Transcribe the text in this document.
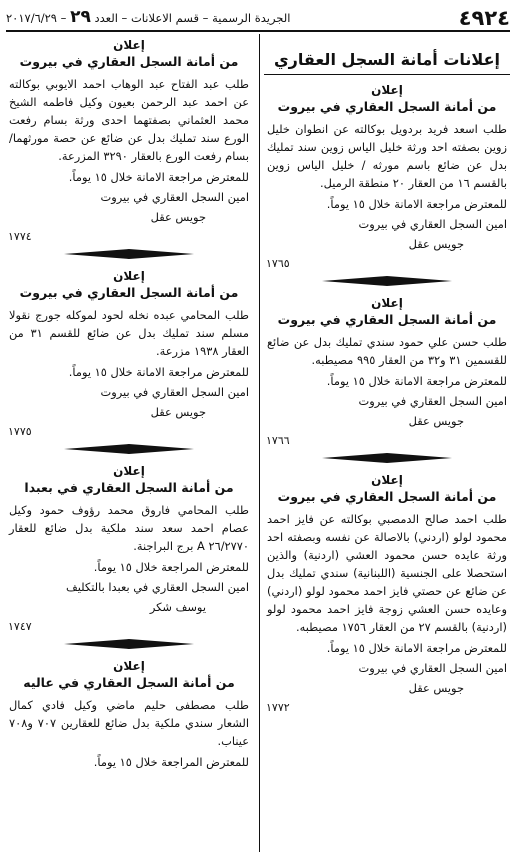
٤٩٢٤
الجريدة الرسمية – قسم الاعلانات – العدد ٢٩ – ٢٠١٧/٦/٢٩
إعلانات أمانة السجل العقاري
إعلان
من أمانة السجل العقاري في بيروت

طلب اسعد فريد بردويل بوكالته عن انطوان خليل زوين بصفته احد ورثة خليل الياس زوين سند تمليك بدل عن ضائع باسم مورثه / خليل الياس زوين بالقسم ١٦ من العقار ٢٠ منطقة الرميل.

للمعترض مراجعة الامانة خلال ١٥ يوماً.
امين السجل العقاري في بيروت
جويس عقل
١٧٦٥
إعلان
من أمانة السجل العقاري في بيروت

طلب حسن علي حمود سندي تمليك بدل عن ضائع للقسمين ٣١ و٣٢ من العقار ٩٩٥ مصيطبه.

للمعترض مراجعة الامانة خلال ١٥ يوماً.
امين السجل العقاري في بيروت
جويس عقل
١٧٦٦
إعلان
من أمانة السجل العقاري في بيروت

طلب احمد صالح الدمصبي بوكالته عن فايز احمد محمود لولو (اردني) بالاصالة عن نفسه وبصفته احد ورثة عايده حسن محمود العشي (اردنية) والذين استحصلا على الجنسية (اللبنانية) سندي تمليك بدل عن ضائع عن حصتي فايز احمد محمود لولو (اردني) وعايده حسن العشي زوجة فايز احمد محمود لولو (اردنية) بالقسم ٢٧ من العقار ١٧٥٦ مصيطبه.

للمعترض مراجعة الامانة خلال ١٥ يوماً.
امين السجل العقاري في بيروت
جويس عقل
١٧٧٢
إعلان
من أمانة السجل العقاري في بيروت

طلب عبد الفتاح عبد الوهاب احمد الايوبي بوكالته عن احمد عبد الرحمن بعيون وكيل فاطمه الشيخ محمد العثماني بصفتهما احدى ورثة بسام رفعت الورع سند تمليك بدل عن ضائع عن حصة مورثهما/ بسام رفعت الورع بالعقار ٣٢٩٠ المزرعة.

للمعترض مراجعة الامانة خلال ١٥ يوماً.
امين السجل العقاري في بيروت
جويس عقل
١٧٧٤
إعلان
من أمانة السجل العقاري في بيروت

طلب المحامي عبده نخله لحود لموكله جورج نقولا مسلم سند تمليك بدل عن ضائع للقسم ٣١ من العقار ١٩٣٨ مزرعة.

للمعترض مراجعة الامانة خلال ١٥ يوماً.
امين السجل العقاري في بيروت
جويس عقل
١٧٧٥
إعلان
من أمانة السجل العقاري في بعبدا

طلب المحامي فاروق محمد رؤوف حمود وكيل عصام احمد سعد سند ملكية بدل ضائع للعقار ٢٦/٢٧٧٠ A برج البراجنة.

للمعترض المراجعة خلال ١٥ يوماً.
امين السجل العقاري في بعبدا بالتكليف
يوسف شكر
١٧٤٧
إعلان
من أمانة السجل العقاري في عاليه

طلب مصطفى حليم ماضي وكيل فادي كمال الشعار سندي ملكية بدل ضائع للعقارين ٧٠٧ و٧٠٨ عيناب.

للمعترض المراجعة خلال ١٥ يوماً.
